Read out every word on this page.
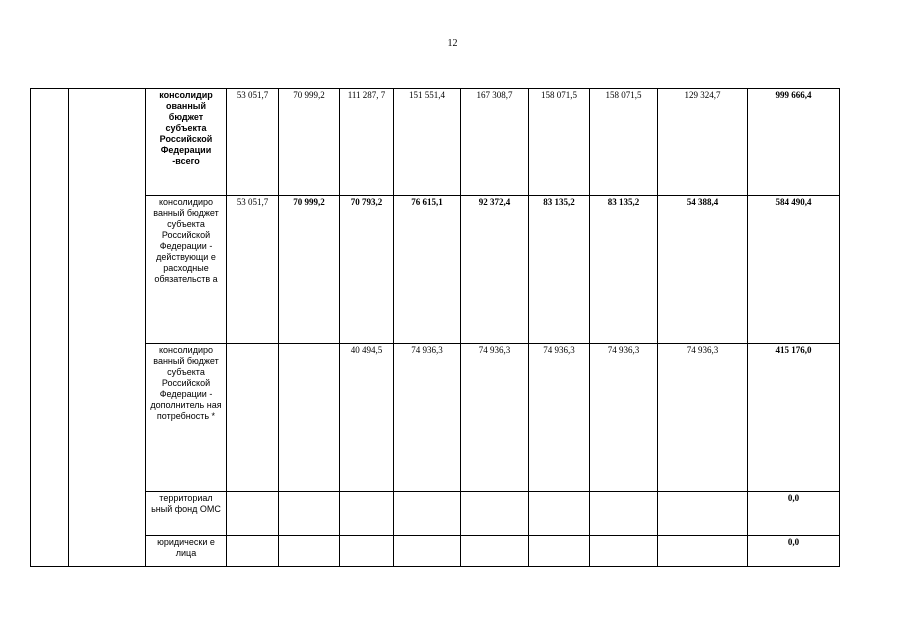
12
		консолидир ованный бюджет субъекта Российской Федерации -всего	53 051,7	70 999,2	111 287, 7	151 551,4	167 308,7	158 071,5	158 071,5	129 324,7	999 666,4
		консолидиро ванный бюджет субъекта Российской Федерации - действующи е расходные обязательств а	53 051,7	70 999,2	70 793,2	76 615,1	92 372,4	83 135,2	83 135,2	54 388,4	584 490,4
		консолидиро ванный бюджет субъекта Российской Федерации - дополнитель ная потребность *			40 494,5	74 936,3	74 936,3	74 936,3	74 936,3	74 936,3	415 176,0
		территориал ьный фонд ОМС									0,0
		юридически е лица									0,0
